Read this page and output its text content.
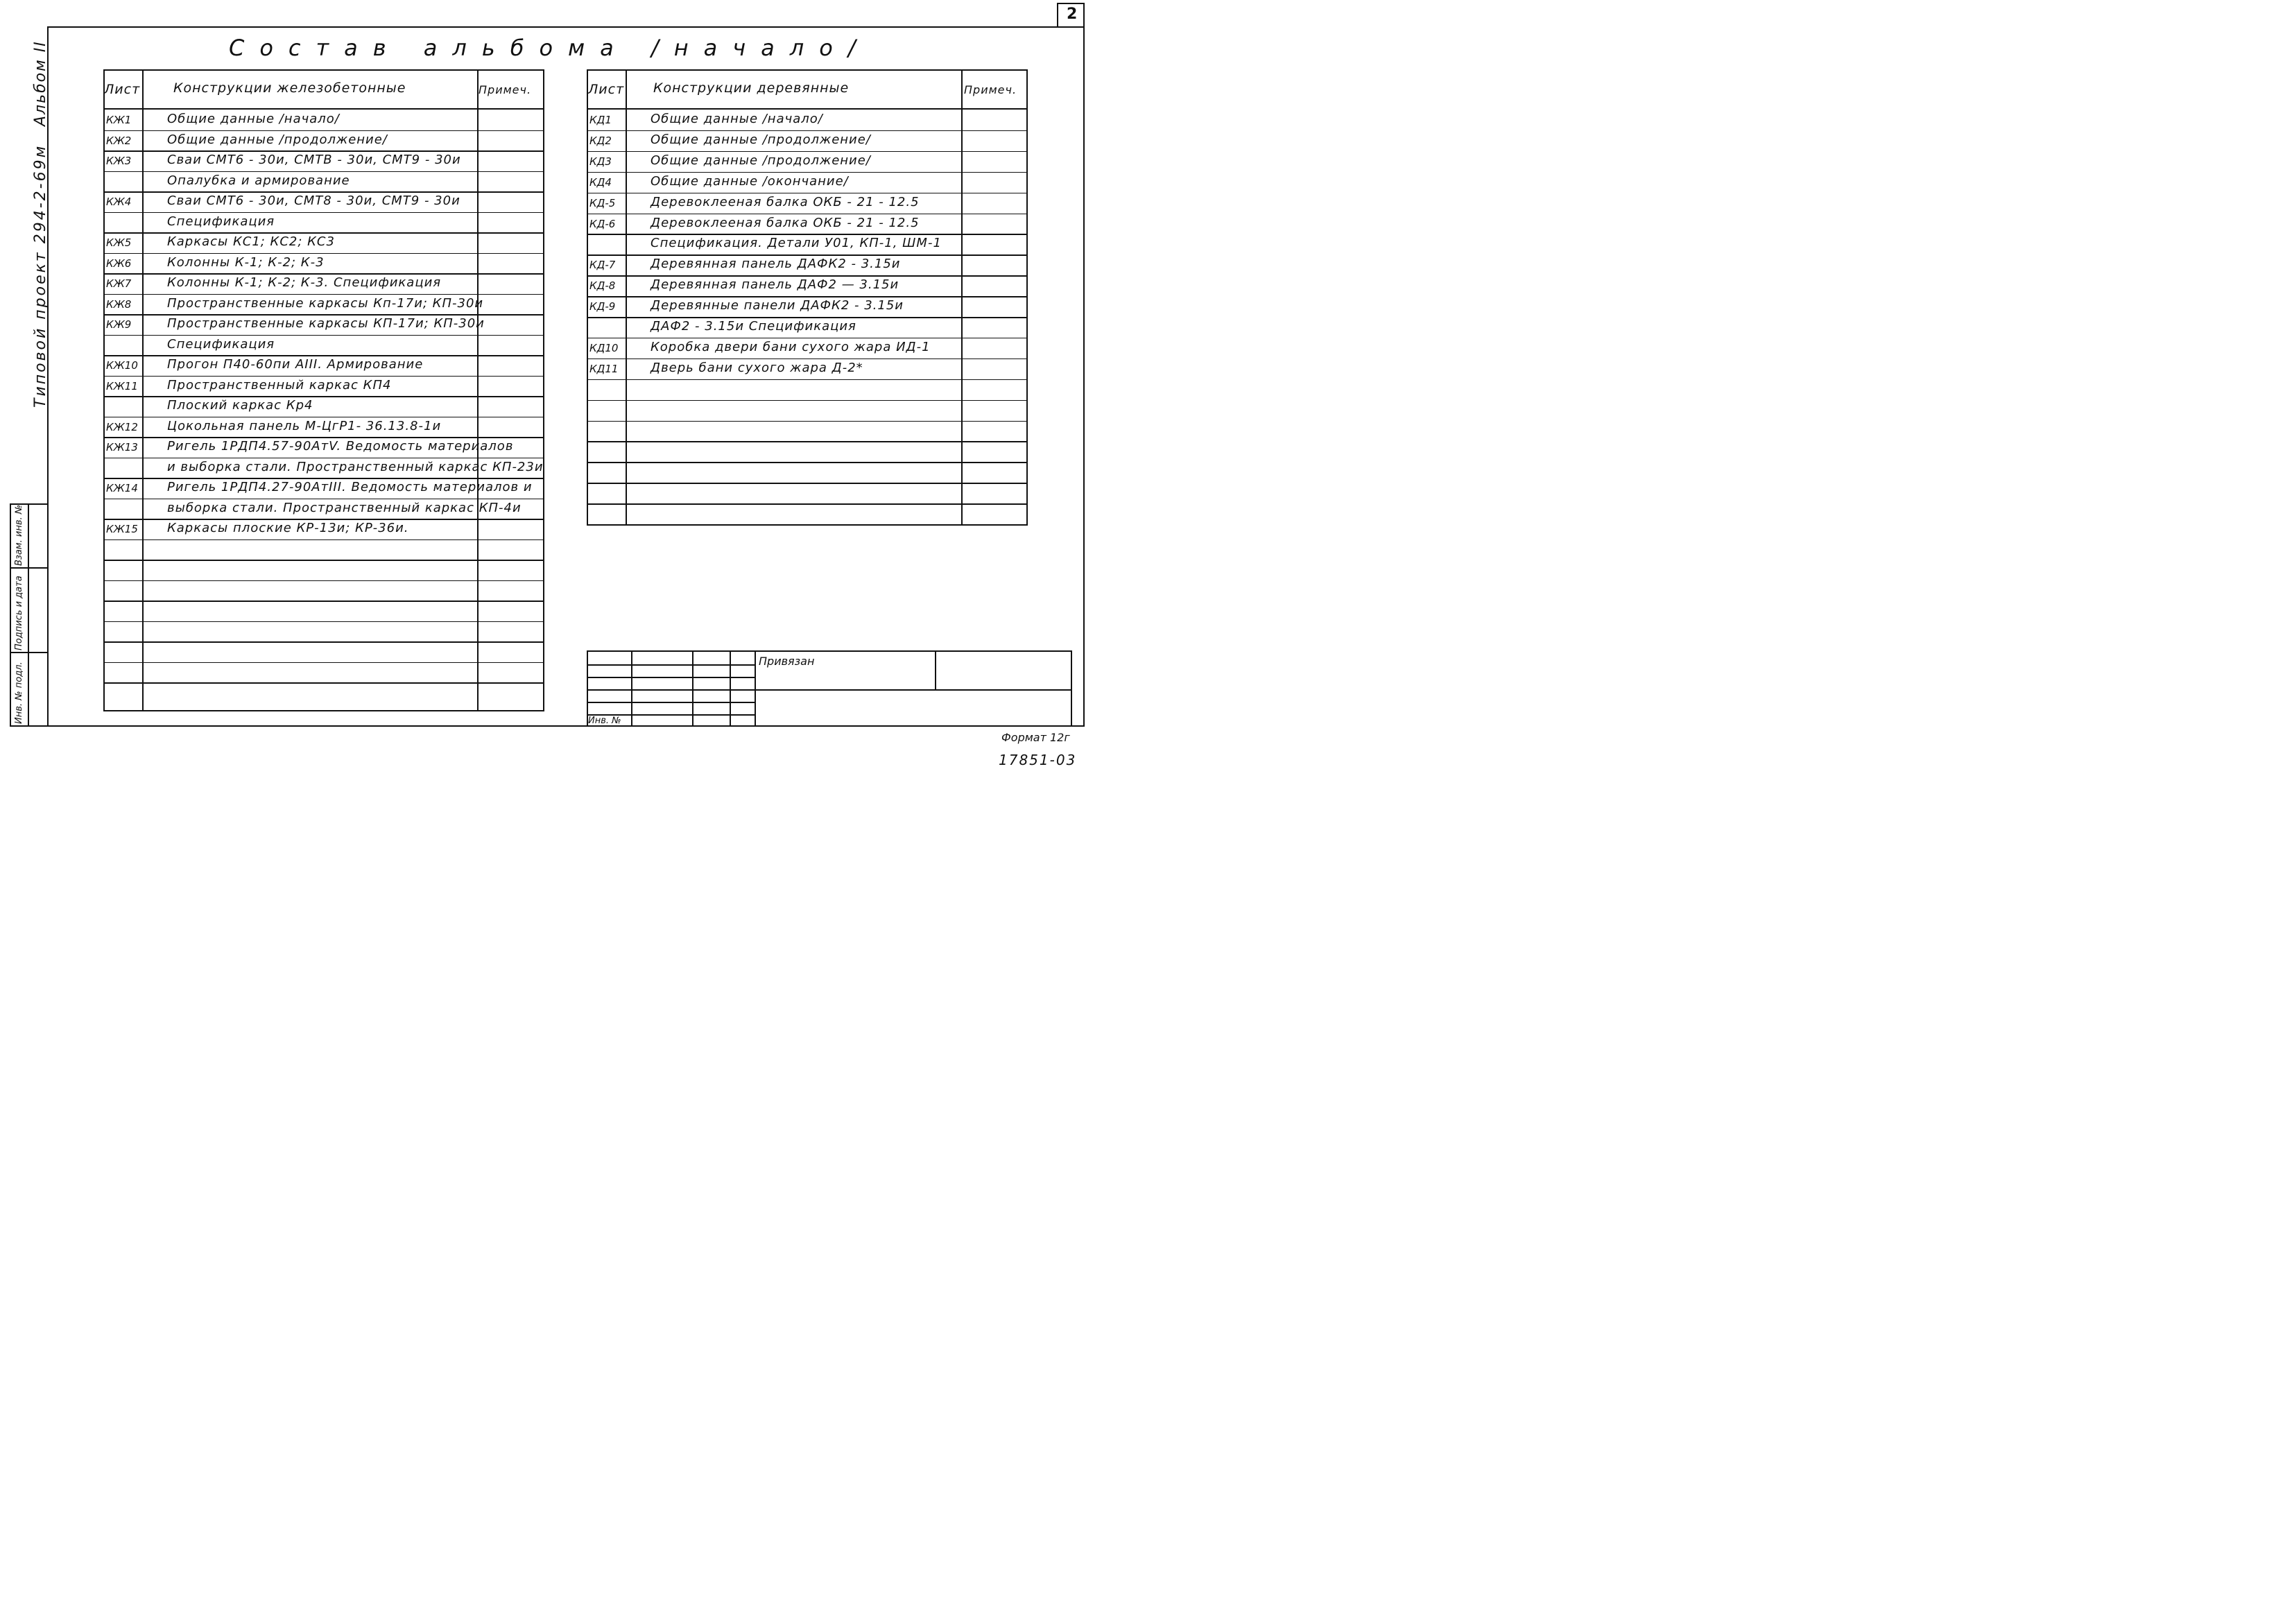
2
Типовой проект 294-2-69м
Альбом II
Инв. № подл.
Подпись и дата
Взам. инв. №
Состав альбома /начало/
Лист	Конструкции железобетонные	Примеч.
КЖ1	Общие данные /начало/
КЖ2	Общие данные /продолжение/
КЖ3	Сваи СМТ6 - 30и, СМТВ - 30и, СМТ9 - 30и
Опалубка и армирование
КЖ4	Сваи СМТ6 - 30и, СМТ8 - 30и, СМТ9 - 30и
Спецификация
КЖ5	Каркасы КС1; КС2; КС3
КЖ6	Колонны К-1; К-2; К-3
КЖ7	Колонны К-1; К-2; К-3. Спецификация
КЖ8	Пространственные каркасы Кп-17и; КП-30и
КЖ9	Пространственные каркасы КП-17и; КП-30и
Спецификация
КЖ10 Прогон П40-60пи АIII. Армирование
КЖ11 Пространственный каркас КП4
Плоский каркас Кр4
КЖ12 Цокольная панель М-ЦгР1- 36.13.8-1и
КЖ13 Ригель 1РДП4.57-90АтV. Ведомость материалов
и выборка стали. Пространственный каркас КП-23и
КЖ14 Ригель 1РДП4.27-90АтIII. Ведомость материалов и
выборка стали. Пространственный каркас КП-4и
КЖ15 Каркасы плоские КР-13и; КР-36и.
Лист Конструкции деревянные	Примеч.
КД1	Общие данные /начало/
КД2	Общие данные /продолжение/
КД3	Общие данные /продолжение/
КД4	Общие данные /окончание/
КД-5	Деревоклееная балка ОКБ - 21 - 12.5
КД-6	Деревоклееная балка ОКБ - 21 - 12.5
Спецификация. Детали У01, КП-1, ШМ-1
КД-7	Деревянная панель ДАФК2 - 3.15и
КД-8	Деревянная панель ДАФ2 — 3.15и
КД-9	Деревянные панели ДАФК2 - 3.15и
ДАФ2 - 3.15и Спецификация
КД10	Коробка двери бани сухого жара ИД-1
КД11	Дверь бани сухого жара Д-2*
Привязан
Инв. №
Формат 12г
17851-03
